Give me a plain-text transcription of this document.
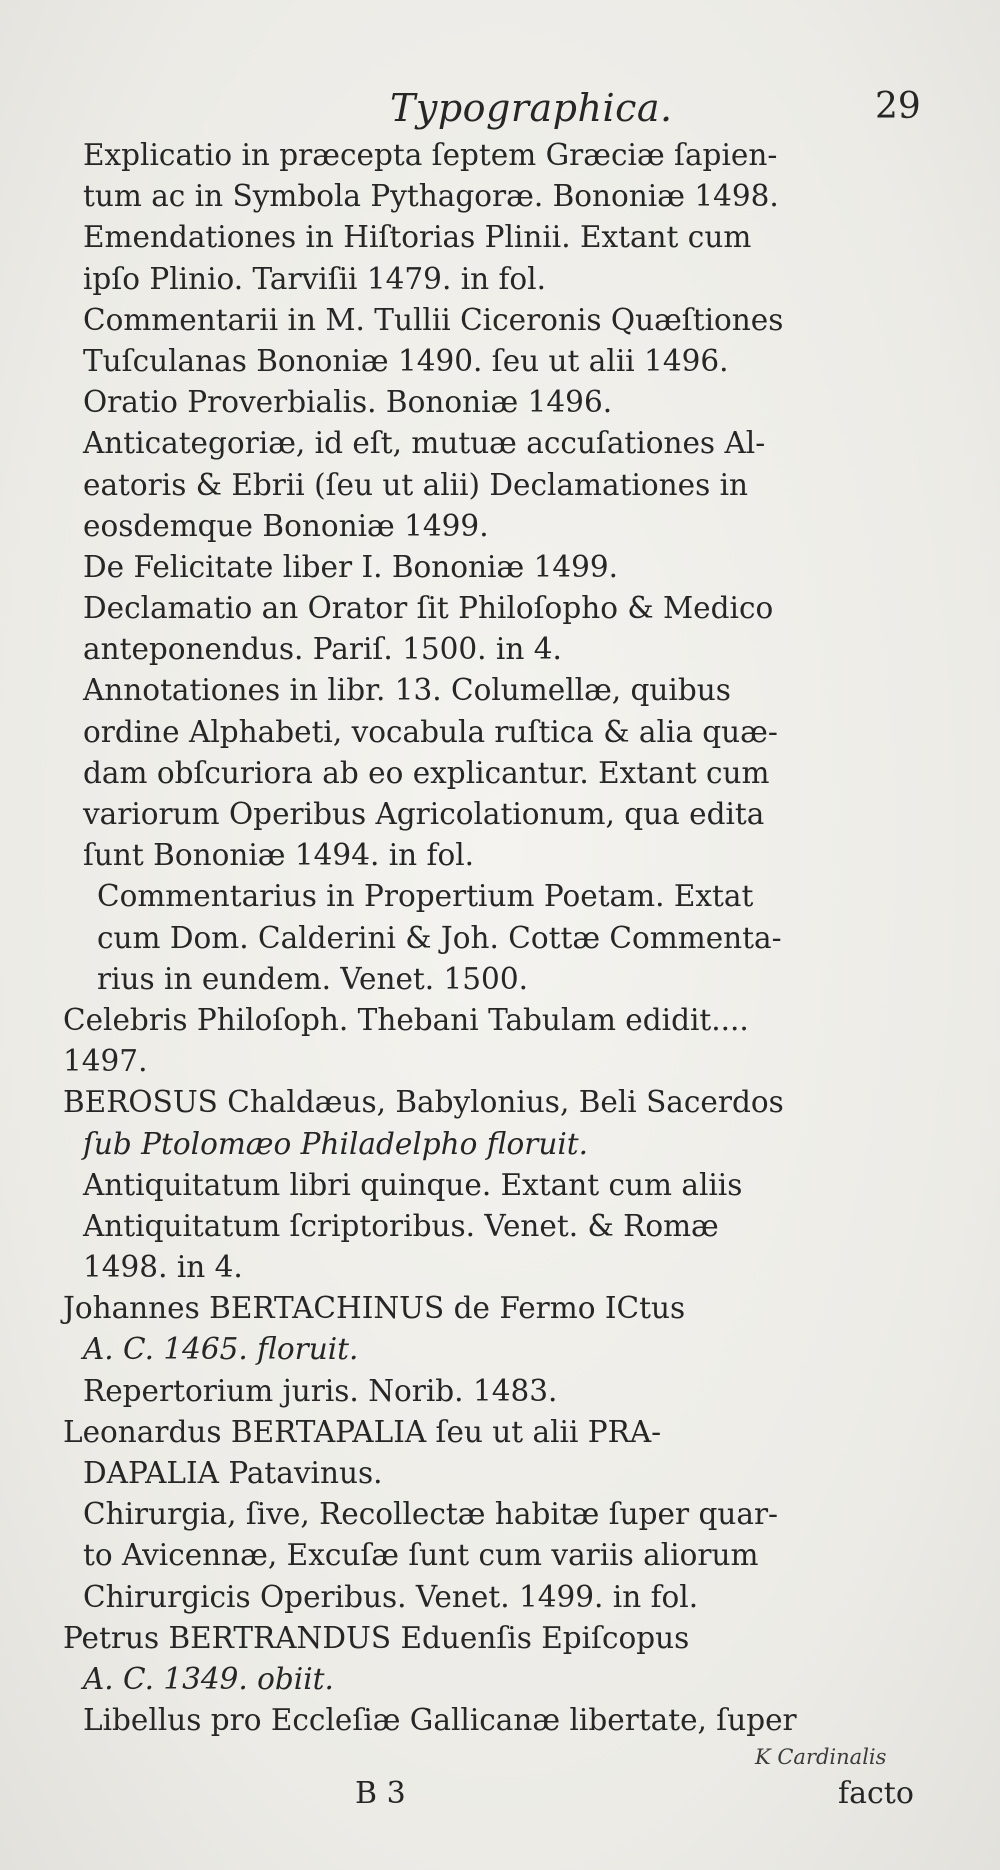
Typographica.	29
Explicatio in præcepta ſeptem Græciæ ſapien-
tum ac in Symbola Pythagoræ. Bononiæ 1498.
Emendationes in Hiſtorias Plinii. Extant cum
ipſo Plinio. Tarviſii 1479. in fol.
Commentarii in M. Tullii Ciceronis Quæſtiones
Tuſculanas Bononiæ 1490. ſeu ut alii 1496.
Oratio Proverbialis. Bononiæ 1496.
Anticategoriæ, id eſt, mutuæ accuſationes Al-
eatoris & Ebrii (ſeu ut alii) Declamationes in
eosdemque Bononiæ 1499.
De Felicitate liber I. Bononiæ 1499.
Declamatio an Orator ſit Philoſopho & Medico
anteponendus. Pariſ. 1500. in 4.
Annotationes in libr. 13. Columellæ, quibus
ordine Alphabeti, vocabula ruſtica & alia quæ-
dam obſcuriora ab eo explicantur. Extant cum
variorum Operibus Agricolationum, qua edita
ſunt Bononiæ 1494. in fol.
Commentarius in Propertium Poetam. Extat
cum Dom. Calderini & Joh. Cottæ Commenta-
rius in eundem. Venet. 1500.
Celebris Philoſoph. Thebani Tabulam edidit....
1497.
BEROSUS Chaldæus, Babylonius, Beli Sacerdos
ſub Ptolomæo Philadelpho floruit.
Antiquitatum libri quinque. Extant cum aliis
Antiquitatum ſcriptoribus. Venet. & Romæ
1498. in 4.
Johannes BERTACHINUS de Fermo ICtus
A. C. 1465. floruit.
Repertorium juris. Norib. 1483.
Leonardus BERTAPALIA ſeu ut alii PRA-
DAPALIA Patavinus.
Chirurgia, ſive, Recollectæ habitæ ſuper quar-
to Avicennæ, Excuſæ ſunt cum variis aliorum
Chirurgicis Operibus. Venet. 1499. in fol.
Petrus BERTRANDUS Eduenſis Epiſcopus
A. C. 1349. obiit.
Libellus pro Eccleſiæ Gallicanæ libertate, ſuper
K Cardinalis
B 3	facto
